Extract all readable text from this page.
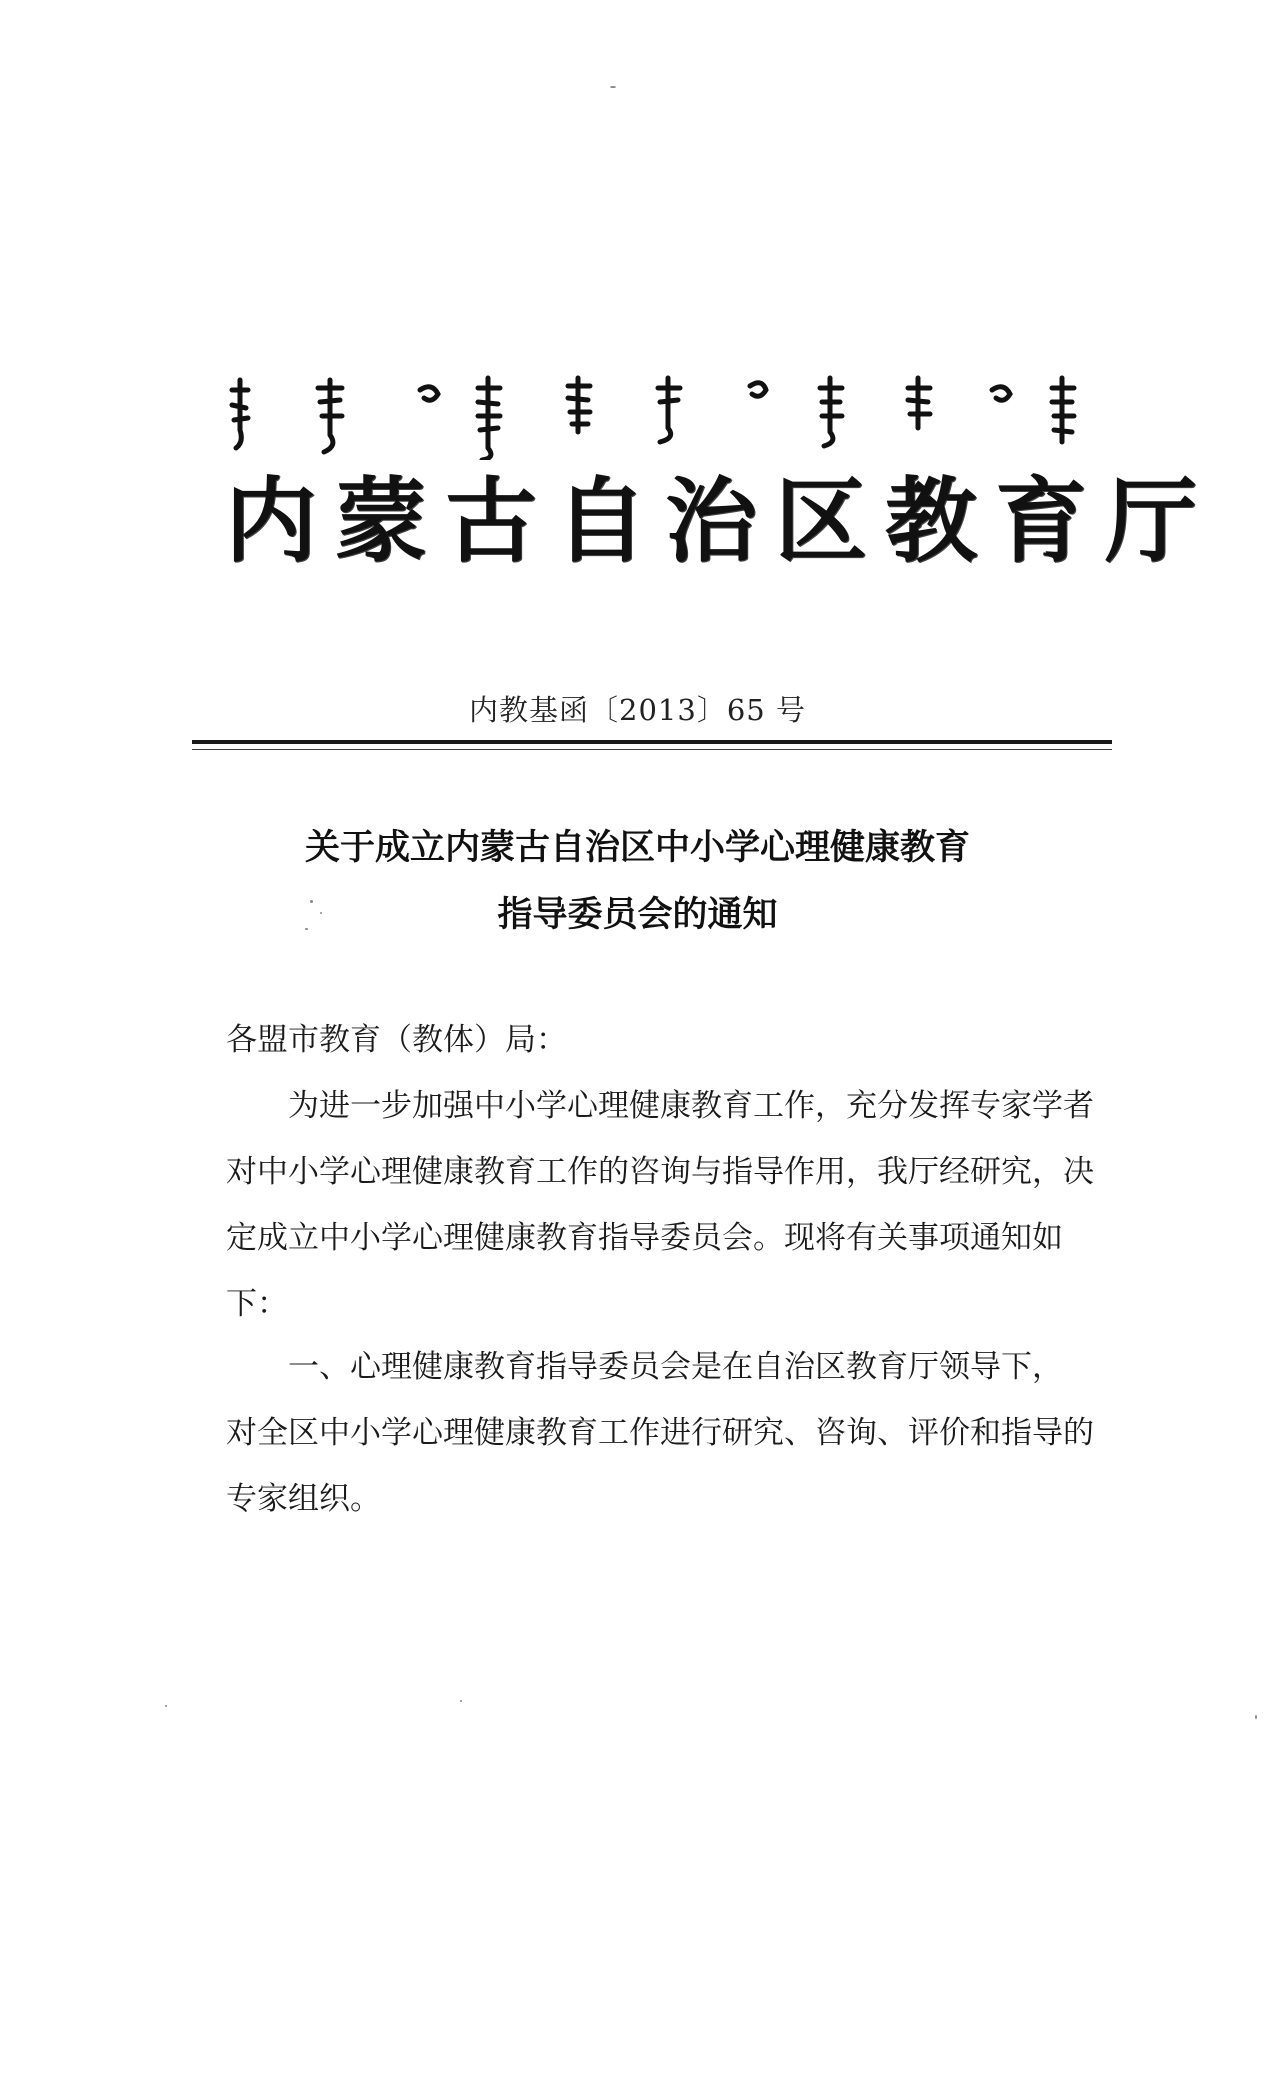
内蒙古自治区教育厅
内教基函〔2013〕65 号
关于成立内蒙古自治区中小学心理健康教育
指导委员会的通知
各盟市教育（教体）局：
为进一步加强中小学心理健康教育工作，充分发挥专家学者
对中小学心理健康教育工作的咨询与指导作用，我厅经研究，决
定成立中小学心理健康教育指导委员会。现将有关事项通知如
下：
一、心理健康教育指导委员会是在自治区教育厅领导下，
对全区中小学心理健康教育工作进行研究、咨询、评价和指导的
专家组织。
